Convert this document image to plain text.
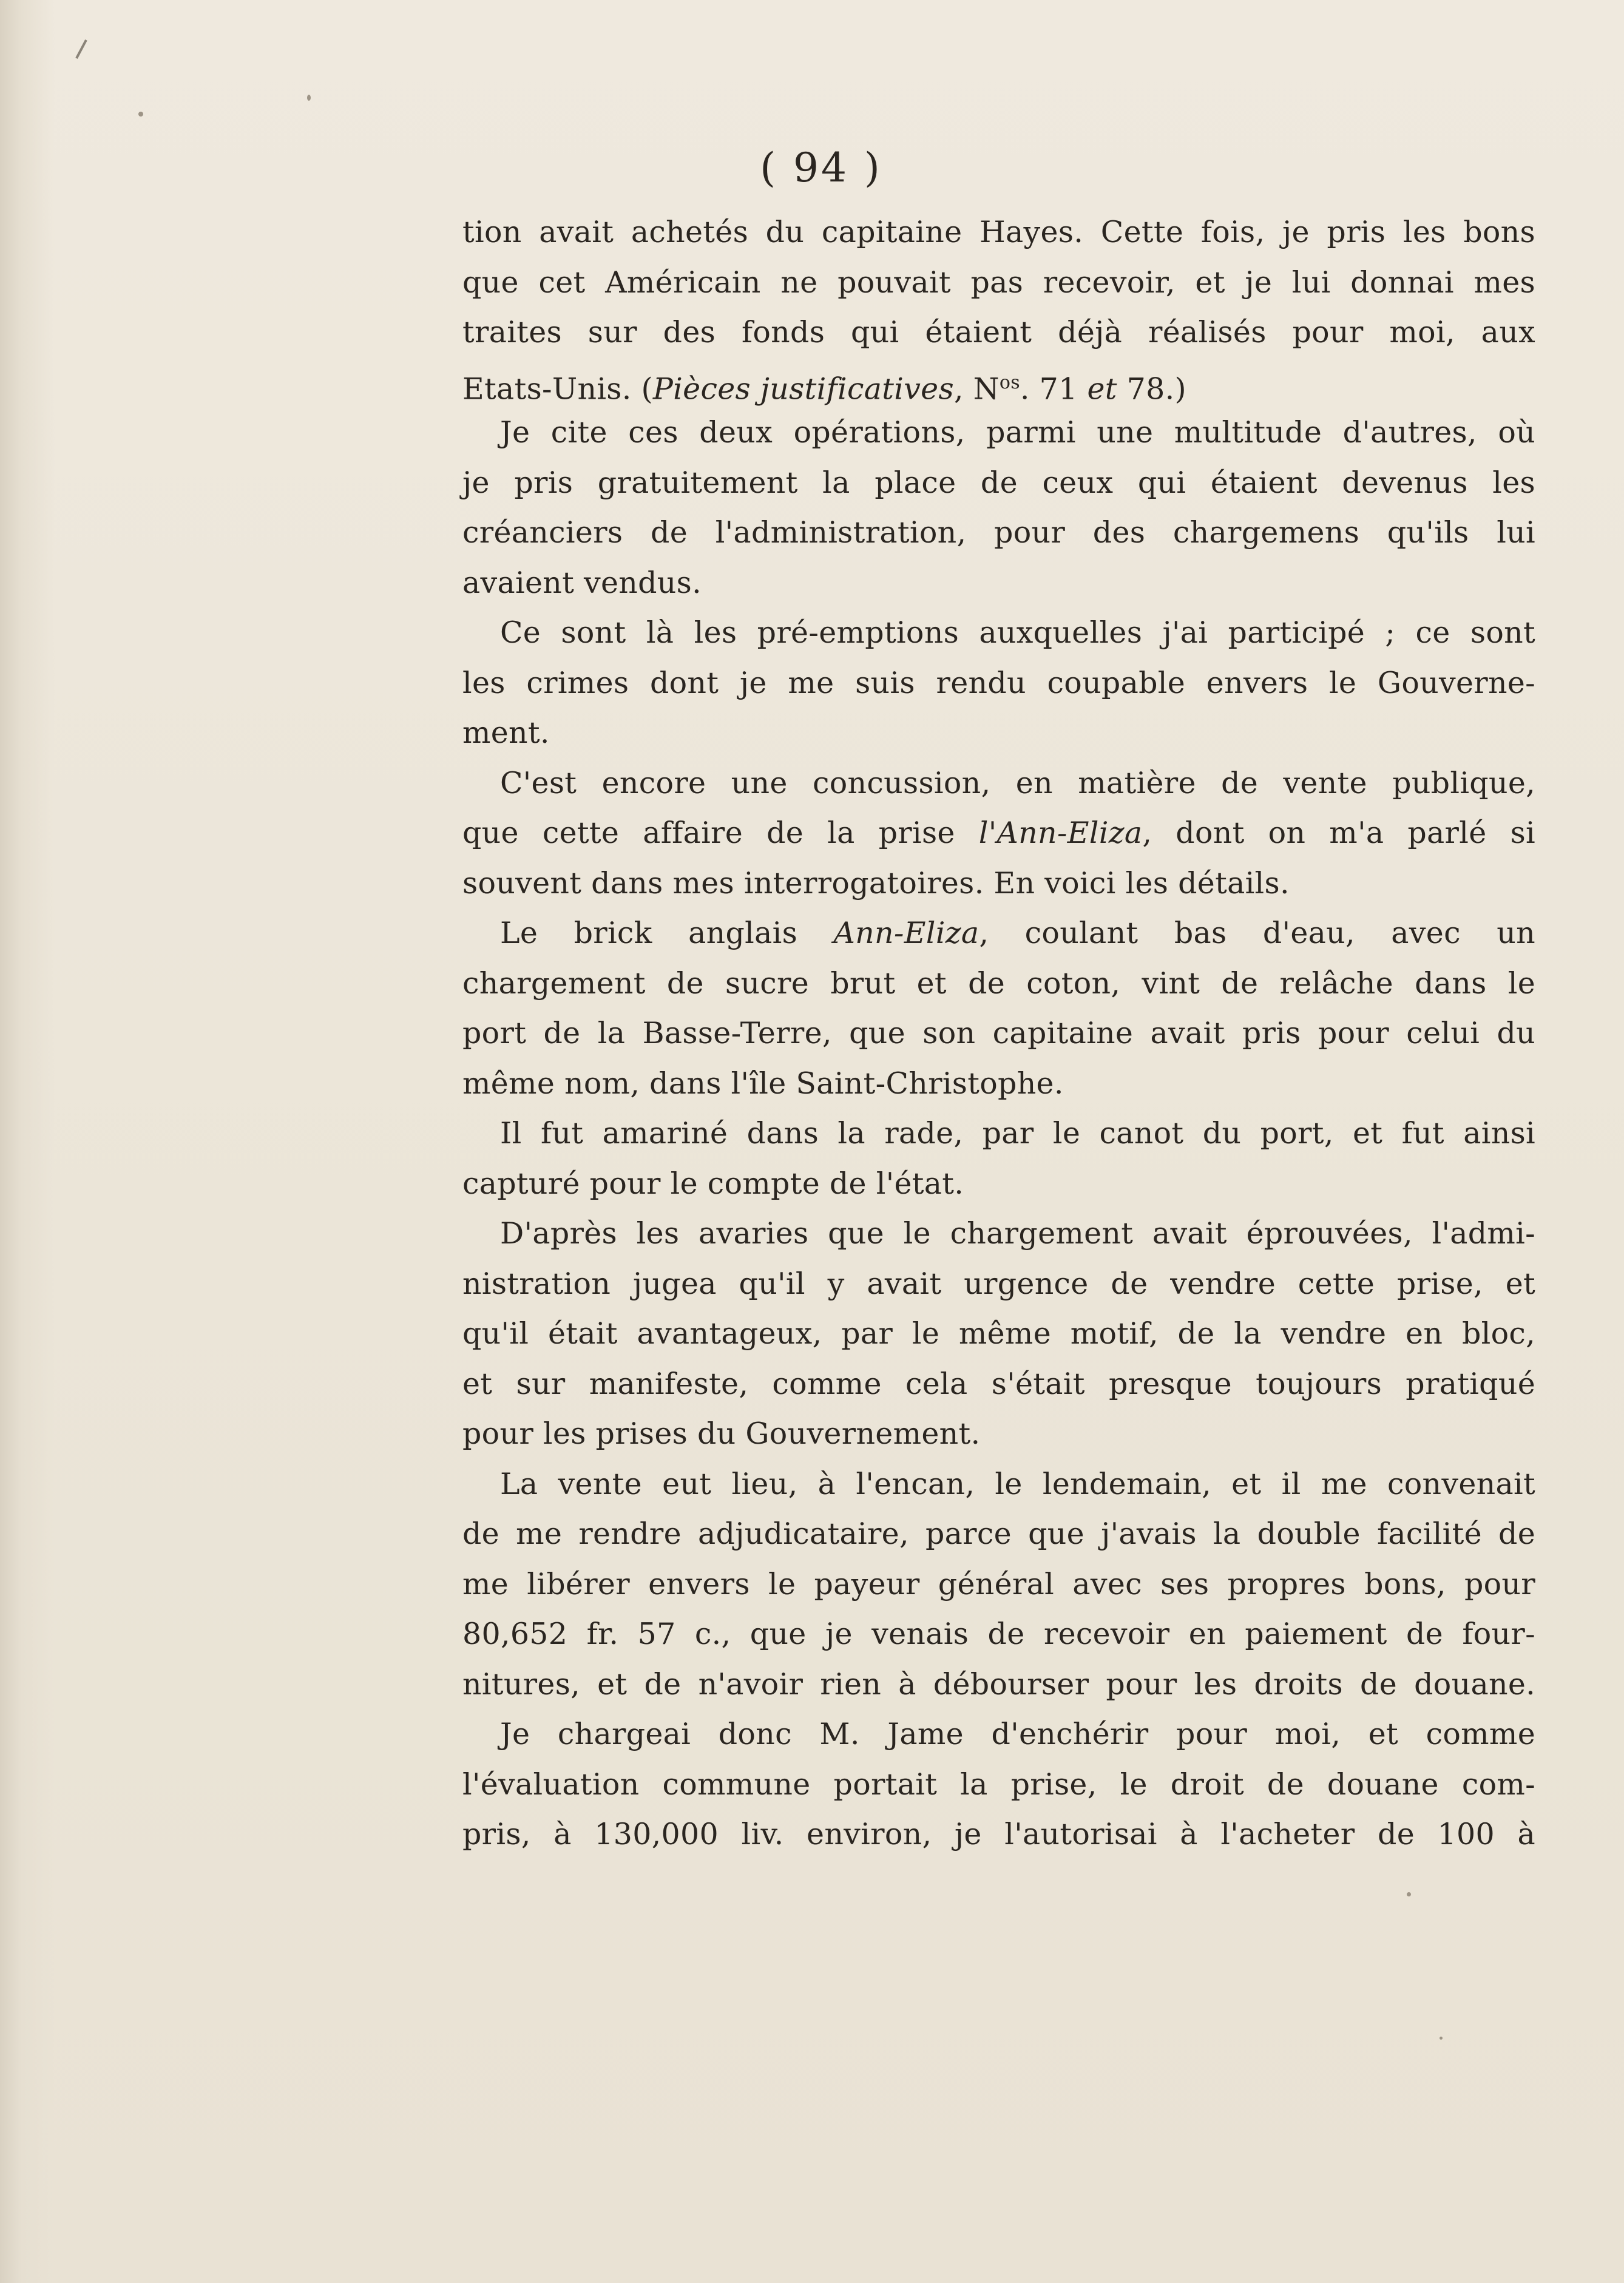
( 94 )
tion avait achetés du capitaine Hayes. Cette fois, je pris les bons
que cet Américain ne pouvait pas recevoir, et je lui donnai mes
traites sur des fonds qui étaient déjà réalisés pour moi, aux
Etats-Unis. (Pièces justificatives, $N^{os}$. 71 et 78.)
Je cite ces deux opérations, parmi une multitude d'autres, où
je pris gratuitement la place de ceux qui étaient devenus les
créanciers de l'administration, pour des chargemens qu'ils lui
avaient vendus.
Ce sont là les pré-emptions auxquelles j'ai participé ; ce sont
les crimes dont je me suis rendu coupable envers le Gouverne-
ment.
C'est encore une concussion, en matière de vente publique,
que cette affaire de la prise l'Ann-Eliza, dont on m'a parlé si
souvent dans mes interrogatoires. En voici les détails.
Le brick anglais Ann-Eliza, coulant bas d'eau, avec un
chargement de sucre brut et de coton, vint de relâche dans le
port de la Basse-Terre, que son capitaine avait pris pour celui du
même nom, dans l'île Saint-Christophe.
Il fut amariné dans la rade, par le canot du port, et fut ainsi
capturé pour le compte de l'état.
D'après les avaries que le chargement avait éprouvées, l'admi-
nistration jugea qu'il y avait urgence de vendre cette prise, et
qu'il était avantageux, par le même motif, de la vendre en bloc,
et sur manifeste, comme cela s'était presque toujours pratiqué
pour les prises du Gouvernement.
La vente eut lieu, à l'encan, le lendemain, et il me convenait
de me rendre adjudicataire, parce que j'avais la double facilité de
me libérer envers le payeur général avec ses propres bons, pour
80,652 fr. 57 c., que je venais de recevoir en paiement de four-
nitures, et de n'avoir rien à débourser pour les droits de douane.
Je chargeai donc M. Jame d'enchérir pour moi, et comme
l'évaluation commune portait la prise, le droit de douane com-
pris, à 130,000 liv. environ, je l'autorisai à l'acheter de 100 à
